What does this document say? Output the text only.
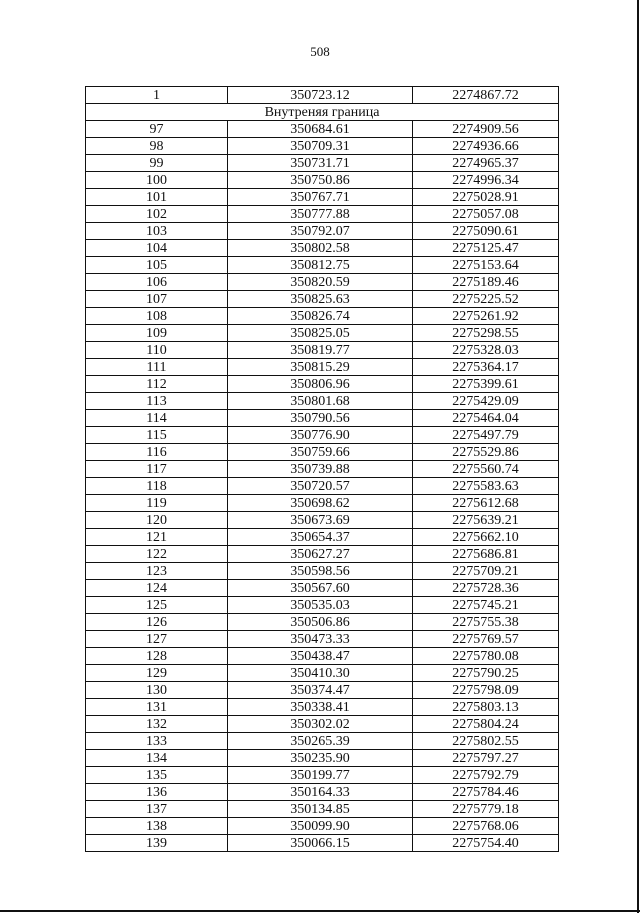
508
1	350723.12	2274867.72
Внутреняя граница		
97	350684.61	2274909.56
98	350709.31	2274936.66
99	350731.71	2274965.37
100	350750.86	2274996.34
101	350767.71	2275028.91
102	350777.88	2275057.08
103	350792.07	2275090.61
104	350802.58	2275125.47
105	350812.75	2275153.64
106	350820.59	2275189.46
107	350825.63	2275225.52
108	350826.74	2275261.92
109	350825.05	2275298.55
110	350819.77	2275328.03
111	350815.29	2275364.17
112	350806.96	2275399.61
113	350801.68	2275429.09
114	350790.56	2275464.04
115	350776.90	2275497.79
116	350759.66	2275529.86
117	350739.88	2275560.74
118	350720.57	2275583.63
119	350698.62	2275612.68
120	350673.69	2275639.21
121	350654.37	2275662.10
122	350627.27	2275686.81
123	350598.56	2275709.21
124	350567.60	2275728.36
125	350535.03	2275745.21
126	350506.86	2275755.38
127	350473.33	2275769.57
128	350438.47	2275780.08
129	350410.30	2275790.25
130	350374.47	2275798.09
131	350338.41	2275803.13
132	350302.02	2275804.24
133	350265.39	2275802.55
134	350235.90	2275797.27
135	350199.77	2275792.79
136	350164.33	2275784.46
137	350134.85	2275779.18
138	350099.90	2275768.06
139	350066.15	2275754.40
